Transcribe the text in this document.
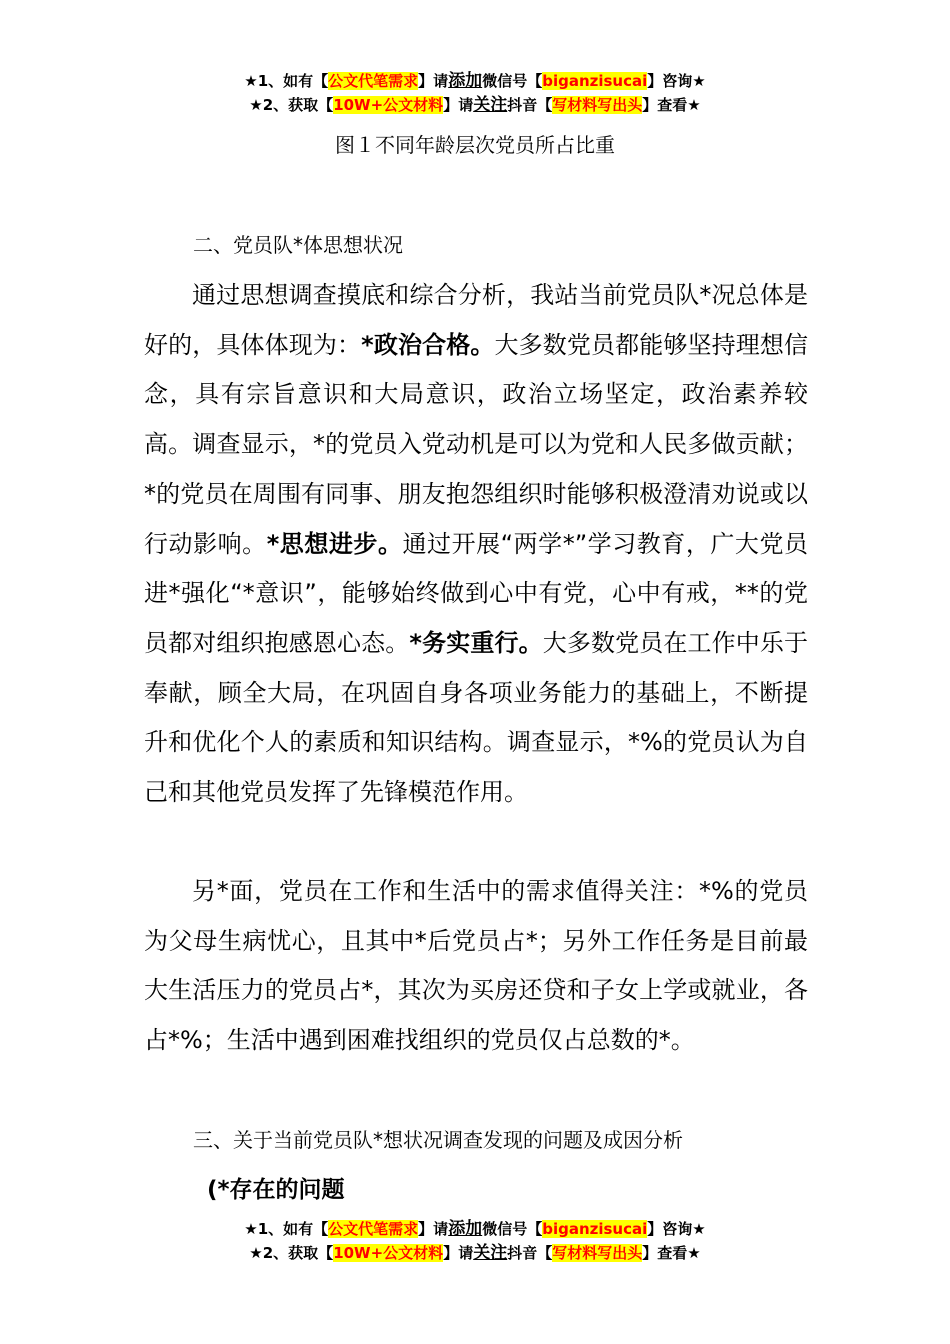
★1、如有【公文代笔需求】请添加微信号【biganzisucai】咨询★
★2、获取【10W+公文材料】请关注抖音【写材料写出头】查看★
图１不同年龄层次党员所占比重
二、党员队*体思想状况
通过思想调查摸底和综合分析，我站当前党员队*况总体是好的，具体体现为：*政治合格。大多数党员都能够坚持理想信念，具有宗旨意识和大局意识，政治立场坚定，政治素养较高。调查显示，*的党员入党动机是可以为党和人民多做贡献；*的党员在周围有同事、朋友抱怨组织时能够积极澄清劝说或以行动影响。*思想进步。通过开展“两学*”学习教育，广大党员进*强化“*意识”，能够始终做到心中有党，心中有戒，**的党员都对组织抱感恩心态。*务实重行。大多数党员在工作中乐于奉献，顾全大局，在巩固自身各项业务能力的基础上，不断提升和优化个人的素质和知识结构。调查显示，*%的党员认为自己和其他党员发挥了先锋模范作用。
另*面，党员在工作和生活中的需求值得关注：*%的党员为父母生病忧心，且其中*后党员占*；另外工作任务是目前最大生活压力的党员占*，其次为买房还贷和子女上学或就业，各占*%；生活中遇到困难找组织的党员仅占总数的*。
三、关于当前党员队*想状况调查发现的问题及成因分析
(*存在的问题
★1、如有【公文代笔需求】请添加微信号【biganzisucai】咨询★
★2、获取【10W+公文材料】请关注抖音【写材料写出头】查看★
